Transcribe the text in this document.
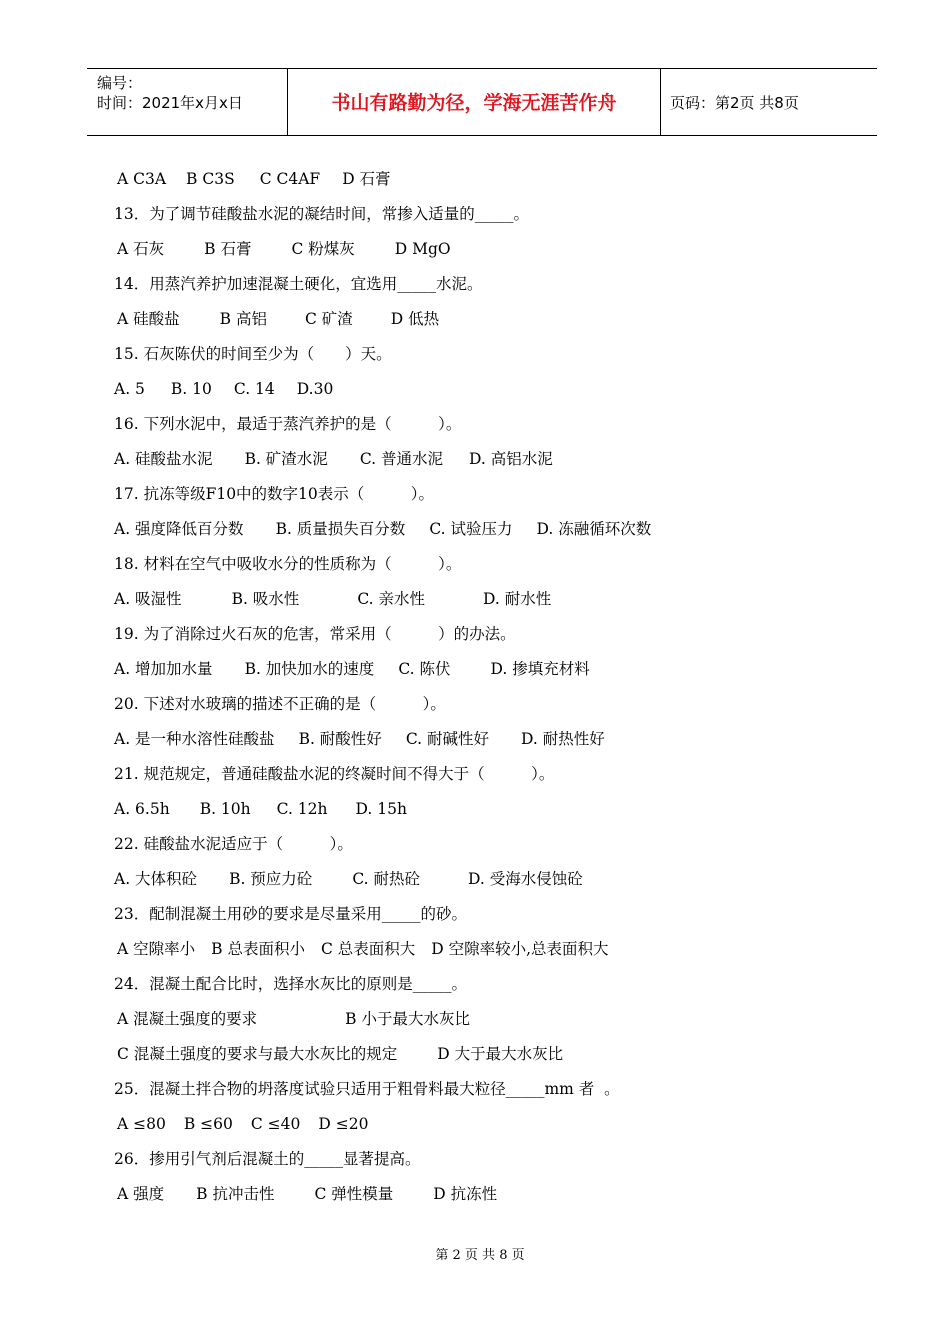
编号：
时间：2021年x月x日	书山有路勤为径，学海无涯苦作舟	页码：第2页 共8页
A C3A B C3S C C4AF D 石膏
13．为了调节硅酸盐水泥的凝结时间，常掺入适量的_____。
A 石灰	B 石膏	C 粉煤灰	D MgO
14．用蒸汽养护加速混凝土硬化，宜选用_____水泥。
A 硅酸盐	B 高铝 C 矿渣 D 低热
15. 石灰陈伏的时间至少为（　　）天。
A. 5 B. 10 C. 14 D.30
16. 下列水泥中，最适于蒸汽养护的是（　　　）。
A. 硅酸盐水泥 B. 矿渣水泥 C. 普通水泥 D. 高铝水泥
17. 抗冻等级F10中的数字10表示（　　　）。
A. 强度降低百分数 B. 质量损失百分数 C. 试验压力 D. 冻融循环次数
18. 材料在空气中吸收水分的性质称为（　　　）。
A. 吸湿性	B. 吸水性	C. 亲水性	D. 耐水性
19. 为了消除过火石灰的危害，常采用（　　　）的办法。
A. 增加加水量 B. 加快加水的速度 C. 陈伏	D. 掺填充材料
20. 下述对水玻璃的描述不正确的是（　　　）。
A. 是一种水溶性硅酸盐 B. 耐酸性好 C. 耐碱性好 D. 耐热性好
21. 规范规定，普通硅酸盐水泥的终凝时间不得大于（　　　）。
A. 6.5h B. 10h C. 12h D. 15h
22. 硅酸盐水泥适应于（　　　）。
A. 大体积砼 B. 预应力砼	C. 耐热砼	D. 受海水侵蚀砼
23．配制混凝土用砂的要求是尽量采用_____的砂。
A 空隙率小 B 总表面积小 C 总表面积大 D 空隙率较小,总表面积大
24．混凝土配合比时，选择水灰比的原则是_____。
A 混凝土强度的要求	B 小于最大水灰比
C 混凝土强度的要求与最大水灰比的规定	D 大于最大水灰比
25．混凝土拌合物的坍落度试验只适用于粗骨料最大粒径_____mm 者  。
A ≤80 B ≤60 C ≤40 D ≤20
26．掺用引气剂后混凝土的_____显著提高。
A 强度 B 抗冲击性	C 弹性模量	D 抗冻性
第 2 页 共 8 页
